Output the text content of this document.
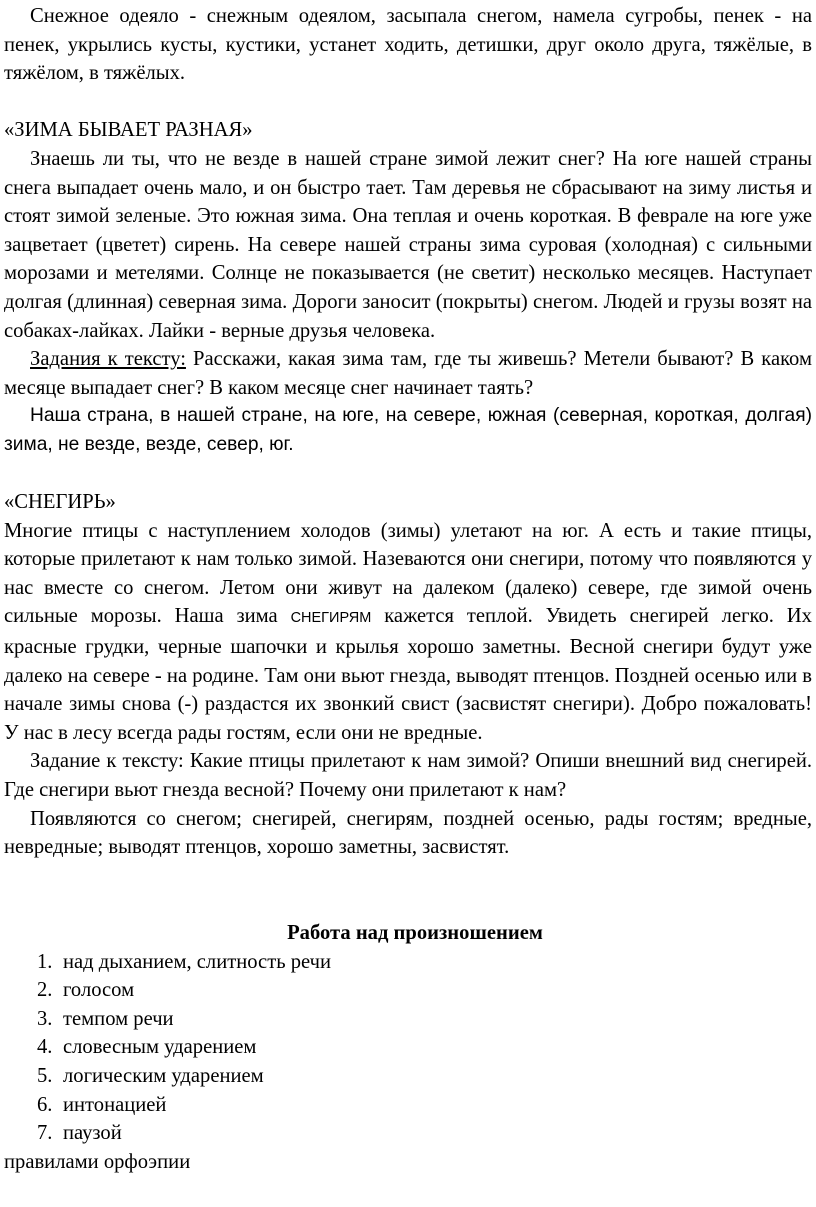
Снежное одеяло - снежным одеялом, засыпала снегом, намела сугробы, пенек - на пенек, укрылись кусты, кустики, устанет ходить, детишки, друг около друга, тяжёлые, в тяжёлом, в тяжёлых.

«ЗИМА БЫВАЕТ РАЗНАЯ»

Знаешь ли ты, что не везде в нашей стране зимой лежит снег? На юге нашей страны снега выпадает очень мало, и он быстро тает. Там деревья не сбрасывают на зиму листья и стоят зимой зеленые. Это южная зима. Она теплая и очень короткая. В феврале на юге уже зацветает (цветет) сирень. На севере нашей страны зима суровая (холодная) с сильными морозами и метелями. Солнце не показывается (не светит) несколько месяцев. Наступает долгая (длинная) северная зима. Дороги заносит (покрыты) снегом. Людей и грузы возят на собаках-лайках. Лайки - верные друзья человека.

Задания к тексту: Расскажи, какая зима там, где ты живешь? Метели бывают? В каком месяце выпадает снег? В каком месяце снег начинает таять?

Наша страна, в нашей стране, на юге, на севере, южная (северная, короткая, долгая) зима, не везде, везде, север, юг.

«СНЕГИРЬ»

Многие птицы с наступлением холодов (зимы) улетают на юг. А есть и такие птицы, которые прилетают к нам только зимой. Назеваются они снегири, потому что появляются у нас вместе со снегом. Летом они живут на далеком (далеко) севере, где зимой очень сильные морозы. Наша зима СНЕГИРЯМ кажется теплой. Увидеть снегирей легко. Их красные грудки, черные шапочки и крылья хорошо заметны. Весной снегири будут уже далеко на севере - на родине. Там они вьют гнезда, выводят птенцов. Поздней осенью или в начале зимы снова (-) раздастся их звонкий свист (засвистят снегири). Добро пожаловать! У нас в лесу всегда рады гостям, если они не вредные.

Задание к тексту: Какие птицы прилетают к нам зимой? Опиши внешний вид снегирей. Где снегири вьют гнезда весной? Почему они прилетают к нам?

Появляются со снегом; снегирей, снегирям, поздней осенью, рады гостям; вредные, невредные; выводят птенцов, хорошо заметны, засвистят.

Работа над произношением

1. над дыханием, слитность речи
2. голосом
3. темпом речи
4. словесным ударением
5. логическим ударением
6. интонацией
7. паузой

правилами орфоэпии
